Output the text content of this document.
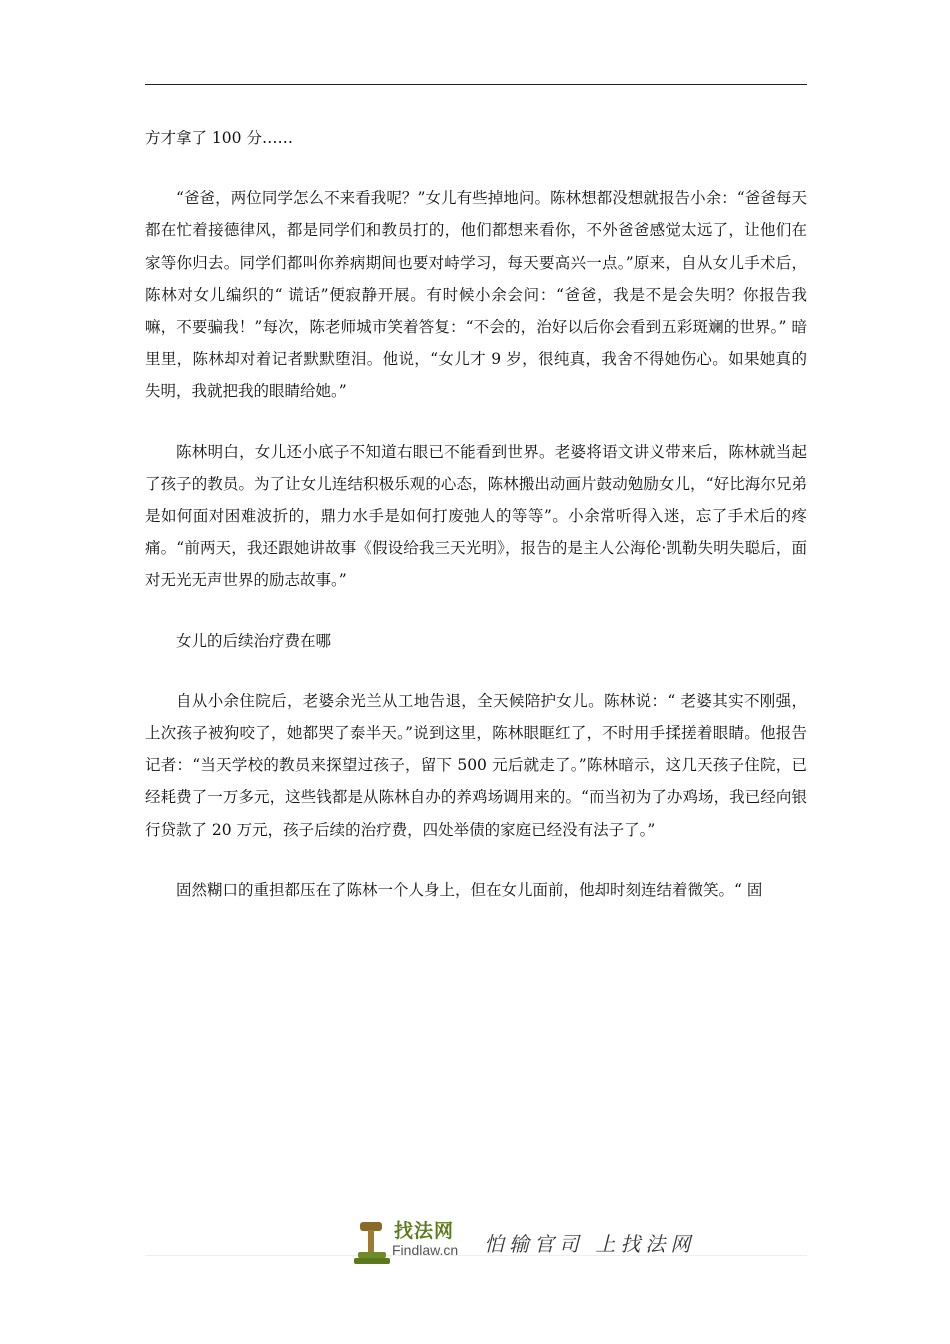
方才拿了 100 分……

“爸爸，两位同学怎么不来看我呢？”女儿有些掉地问。陈林想都没想就报告小余：“爸爸每天都在忙着接德律风，都是同学们和教员打的，他们都想来看你，不外爸爸感觉太远了，让他们在家等你归去。同学们都叫你养病期间也要对峙学习，每天要高兴一点。”原来，自从女儿手术后，陈林对女儿编织的“ 谎话”便寂静开展。有时候小余会问：“爸爸，我是不是会失明？你报告我嘛，不要骗我！”每次，陈老师城市笑着答复：“不会的，治好以后你会看到五彩斑斓的世界。” 暗里里，陈林却对着记者默默堕泪。他说，“女儿才 9 岁，很纯真，我舍不得她伤心。如果她真的失明，我就把我的眼睛给她。”

陈林明白，女儿还小底子不知道右眼已不能看到世界。老婆将语文讲义带来后，陈林就当起了孩子的教员。为了让女儿连结积极乐观的心态，陈林搬出动画片鼓动勉励女儿，“好比海尔兄弟是如何面对困难波折的，鼎力水手是如何打废弛人的等等”。小余常听得入迷，忘了手术后的疼痛。“前两天，我还跟她讲故事《假设给我三天光明》，报告的是主人公海伦·凯勒失明失聪后，面对无光无声世界的励志故事。”

女儿的后续治疗费在哪

自从小余住院后，老婆余光兰从工地告退，全天候陪护女儿。陈林说：“ 老婆其实不刚强，上次孩子被狗咬了，她都哭了泰半天。”说到这里，陈林眼眶红了，不时用手揉搓着眼睛。他报告记者：“当天学校的教员来探望过孩子，留下 500 元后就走了。”陈林暗示，这几天孩子住院，已经耗费了一万多元，这些钱都是从陈林自办的养鸡场调用来的。“而当初为了办鸡场，我已经向银行贷款了 20 万元，孩子后续的治疗费，四处举债的家庭已经没有法子了。”

固然糊口的重担都压在了陈林一个人身上，但在女儿面前，他却时刻连结着微笑。“ 固

找法网
Findlaw.cn 怕输官司 上找法网
